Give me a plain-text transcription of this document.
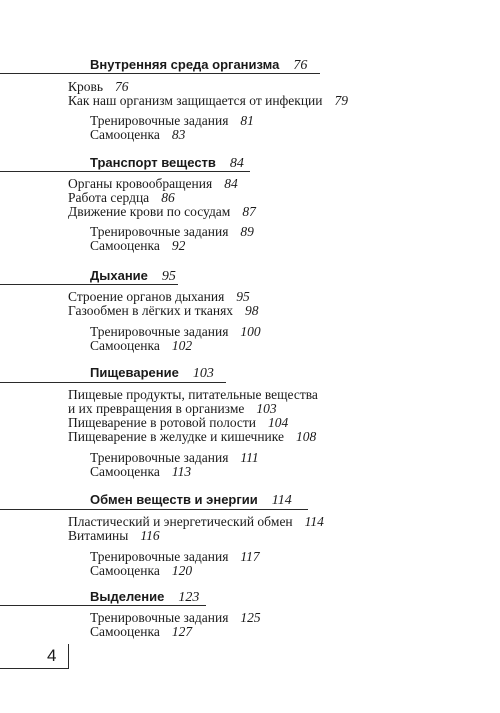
Внутренняя среда организма 76
Кровь 76
Как наш организм защищается от инфекции 79
Тренировочные задания 81
Самооценка 83
Транспорт веществ 84
Органы кровообращения 84
Работа сердца 86
Движение крови по сосудам 87
Тренировочные задания 89
Самооценка 92
Дыхание 95
Строение органов дыхания 95
Газообмен в лёгких и тканях 98
Тренировочные задания 100
Самооценка 102
Пищеварение 103
Пищевые продукты, питательные вещества
и их превращения в организме 103
Пищеварение в ротовой полости 104
Пищеварение в желудке и кишечнике 108
Тренировочные задания 111
Самооценка 113
Обмен веществ и энергии 114
Пластический и энергетический обмен 114
Витамины 116
Тренировочные задания 117
Самооценка 120
Выделение 123
Тренировочные задания 125
Самооценка 127
4
